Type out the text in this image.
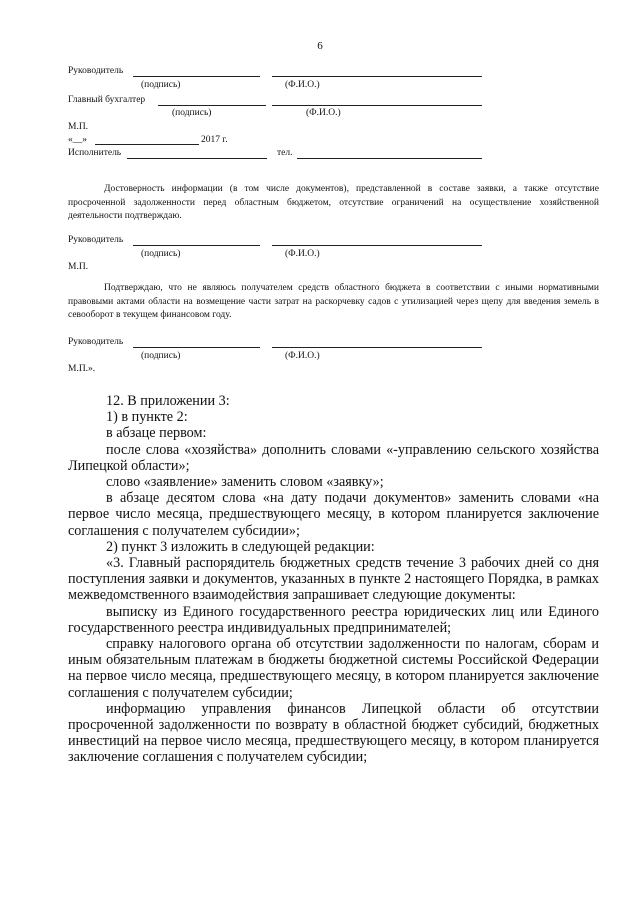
6
Руководитель
(подпись)	(Ф.И.О.)
Главный бухгалтер
(подпись)	(Ф.И.О.)
М.П.
«__»	2017 г.
Исполнитель	тел.
Достоверность информации (в том числе документов), представленной в составе заявки, а также отсутствие просроченной задолженности перед областным бюджетом, отсутствие ограничений на осуществление хозяйственной деятельности подтверждаю.
Руководитель
(подпись)	(Ф.И.О.)
М.П.
Подтверждаю, что не являюсь получателем средств областного бюджета в соответствии с иными нормативными правовыми актами области на возмещение части затрат на раскорчевку садов с утилизацией через щепу для введения земель в севооборот в текущем финансовом году.
Руководитель
(подпись)	(Ф.И.О.)
М.П.».

12. В приложении 3:

1) в пункте 2:

в абзаце первом:

после слова «хозяйства» дополнить словами «-управлению сельского хозяйства Липецкой области»;

слово «заявление» заменить словом «заявку»;

в абзаце десятом слова «на дату подачи документов» заменить словами «на первое число месяца, предшествующего месяцу, в котором планируется заключение соглашения с получателем субсидии»;

2) пункт 3 изложить в следующей редакции:

«3. Главный распорядитель бюджетных средств течение 3 рабочих дней со дня поступления заявки и документов, указанных в пункте 2 настоящего Порядка, в рамках межведомственного взаимодействия запрашивает следующие документы:

выписку из Единого государственного реестра юридических лиц или Единого государственного реестра индивидуальных предпринимателей;

справку налогового органа об отсутствии задолженности по налогам, сборам и иным обязательным платежам в бюджеты бюджетной системы Российской Федерации на первое число месяца, предшествующего месяцу, в котором планируется заключение соглашения с получателем субсидии;

информацию управления финансов Липецкой области об отсутствии просроченной задолженности по возврату в областной бюджет субсидий, бюджетных инвестиций на первое число месяца, предшествующего месяцу, в котором планируется заключение соглашения с получателем субсидии;
